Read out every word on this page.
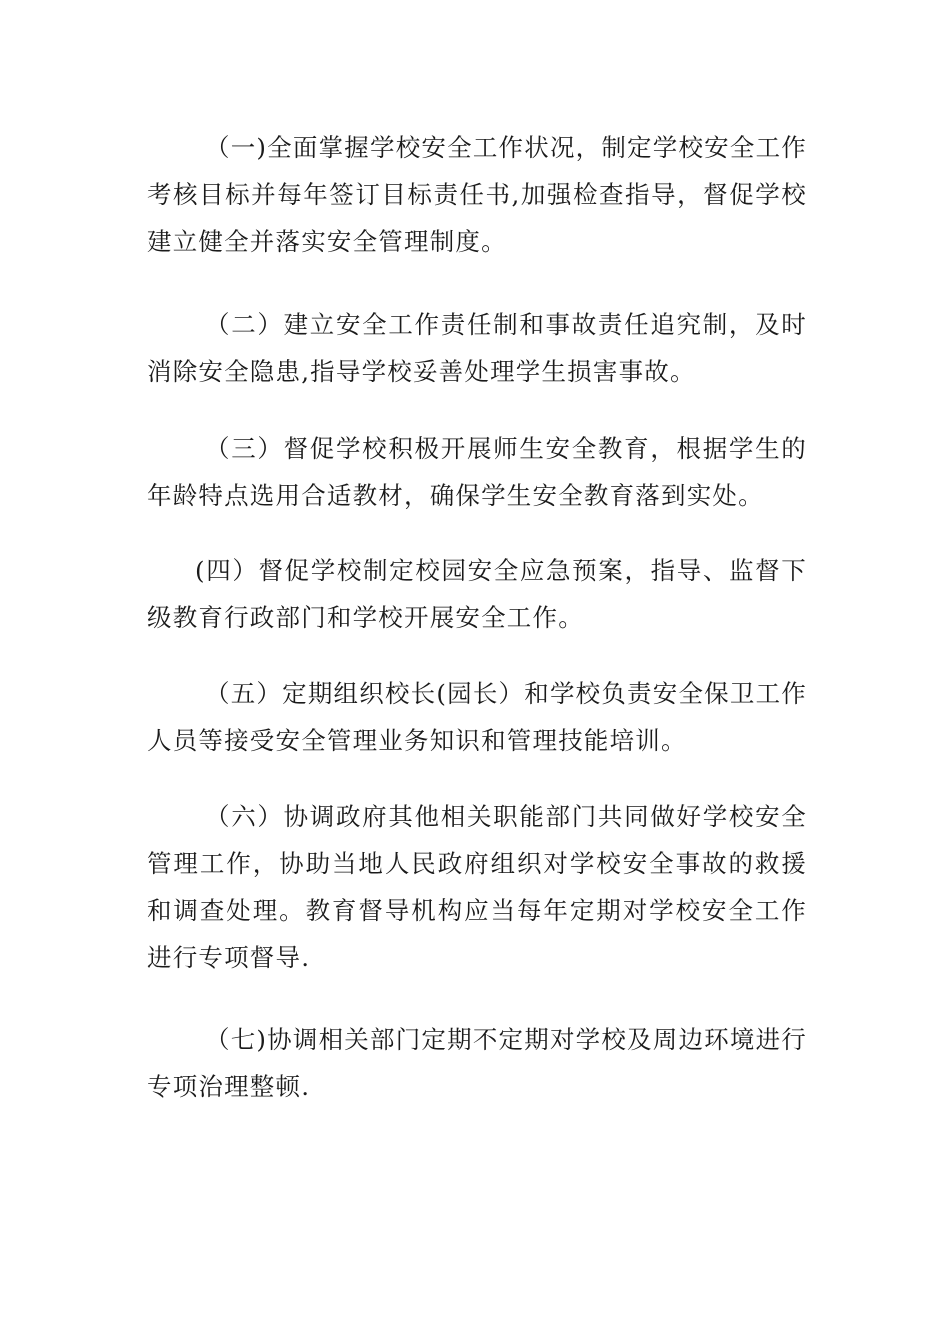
（一)全面掌握学校安全工作状况，制定学校安全工作考核目标并每年签订目标责任书,加强检查指导，督促学校建立健全并落实安全管理制度。

（二）建立安全工作责任制和事故责任追究制，及时消除安全隐患,指导学校妥善处理学生损害事故。

（三）督促学校积极开展师生安全教育，根据学生的年龄特点选用合适教材，确保学生安全教育落到实处。

(四）督促学校制定校园安全应急预案，指导、监督下级教育行政部门和学校开展安全工作。

（五）定期组织校长(园长）和学校负责安全保卫工作人员等接受安全管理业务知识和管理技能培训。

（六）协调政府其他相关职能部门共同做好学校安全管理工作，协助当地人民政府组织对学校安全事故的救援和调查处理。教育督导机构应当每年定期对学校安全工作进行专项督导.

（七)协调相关部门定期不定期对学校及周边环境进行专项治理整顿.
